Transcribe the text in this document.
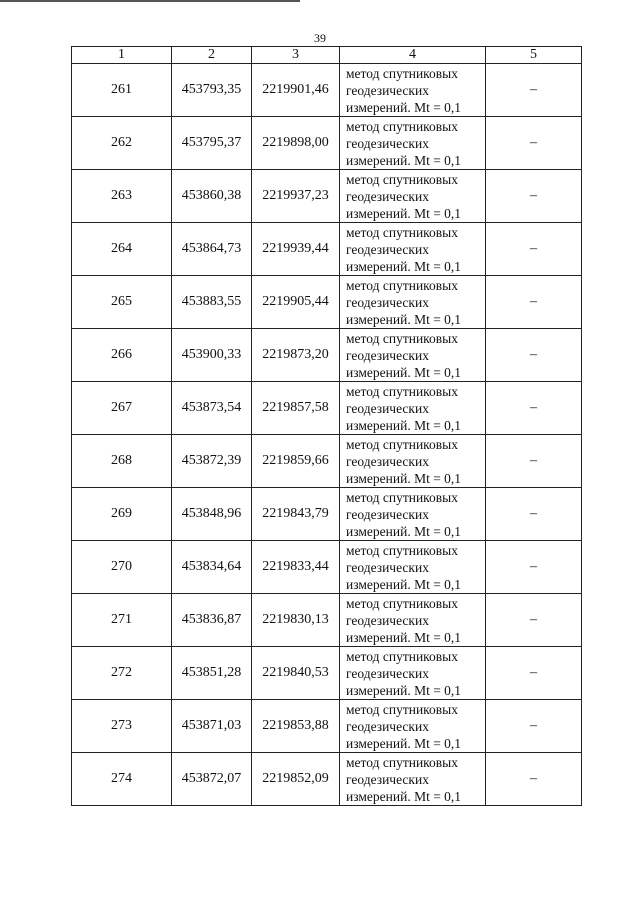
39
1	2	3	4	5
261	453793,35	2219901,46	метод спутниковых
геодезических
измерений. Mt = 0,1	–
262	453795,37	2219898,00	метод спутниковых
геодезических
измерений. Mt = 0,1	–
263	453860,38	2219937,23	метод спутниковых
геодезических
измерений. Mt = 0,1	–
264	453864,73	2219939,44	метод спутниковых
геодезических
измерений. Mt = 0,1	–
265	453883,55	2219905,44	метод спутниковых
геодезических
измерений. Mt = 0,1	–
266	453900,33	2219873,20	метод спутниковых
геодезических
измерений. Mt = 0,1	–
267	453873,54	2219857,58	метод спутниковых
геодезических
измерений. Mt = 0,1	–
268	453872,39	2219859,66	метод спутниковых
геодезических
измерений. Mt = 0,1	–
269	453848,96	2219843,79	метод спутниковых
геодезических
измерений. Mt = 0,1	–
270	453834,64	2219833,44	метод спутниковых
геодезических
измерений. Mt = 0,1	–
271	453836,87	2219830,13	метод спутниковых
геодезических
измерений. Mt = 0,1	–
272	453851,28	2219840,53	метод спутниковых
геодезических
измерений. Mt = 0,1	–
273	453871,03	2219853,88	метод спутниковых
геодезических
измерений. Mt = 0,1	–
274	453872,07	2219852,09	метод спутниковых
геодезических
измерений. Mt = 0,1	–
